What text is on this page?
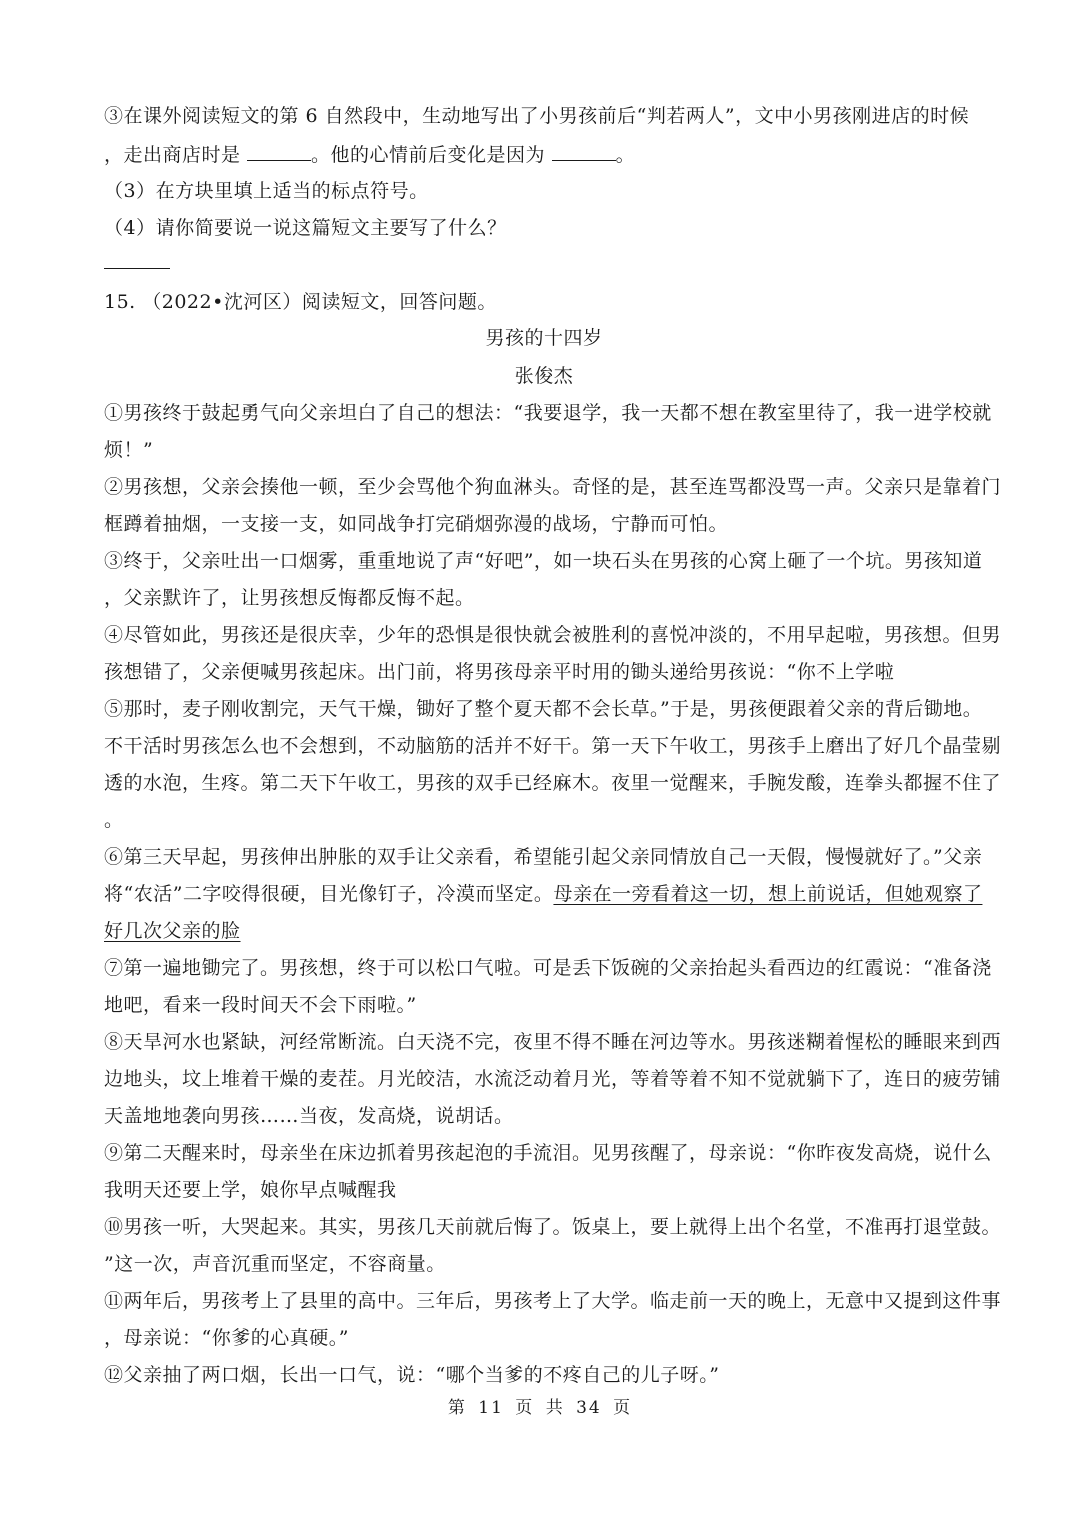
③在课外阅读短文的第 6 自然段中，生动地写出了小男孩前后“判若两人”，文中小男孩刚进店的时候
，走出商店时是	。他的心情前后变化是因为	。
（3）在方块里填上适当的标点符号。
（4）请你简要说一说这篇短文主要写了什么？
15. （2022•沈河区）阅读短文，回答问题。
男孩的十四岁
张俊杰
①男孩终于鼓起勇气向父亲坦白了自己的想法：“我要退学，我一天都不想在教室里待了，我一进学校就
烦！”
②男孩想，父亲会揍他一顿，至少会骂他个狗血淋头。奇怪的是，甚至连骂都没骂一声。父亲只是靠着门
框蹲着抽烟，一支接一支，如同战争打完硝烟弥漫的战场，宁静而可怕。
③终于，父亲吐出一口烟雾，重重地说了声“好吧”，如一块石头在男孩的心窝上砸了一个坑。男孩知道
，父亲默许了，让男孩想反悔都反悔不起。
④尽管如此，男孩还是很庆幸，少年的恐惧是很快就会被胜利的喜悦冲淡的，不用早起啦，男孩想。但男
孩想错了，父亲便喊男孩起床。出门前，将男孩母亲平时用的锄头递给男孩说：“你不上学啦
⑤那时，麦子刚收割完，天气干燥，锄好了整个夏天都不会长草。”于是，男孩便跟着父亲的背后锄地。
不干活时男孩怎么也不会想到，不动脑筋的活并不好干。第一天下午收工，男孩手上磨出了好几个晶莹剔
透的水泡，生疼。第二天下午收工，男孩的双手已经麻木。夜里一觉醒来，手腕发酸，连拳头都握不住了
。
⑥第三天早起，男孩伸出肿胀的双手让父亲看，希望能引起父亲同情放自己一天假，慢慢就好了。”父亲
将“农活”二字咬得很硬，目光像钉子，冷漠而坚定。母亲在一旁看着这一切，想上前说话，但她观察了
好几次父亲的脸
⑦第一遍地锄完了。男孩想，终于可以松口气啦。可是丢下饭碗的父亲抬起头看西边的红霞说：“准备浇
地吧，看来一段时间天不会下雨啦。”
⑧天旱河水也紧缺，河经常断流。白天浇不完，夜里不得不睡在河边等水。男孩迷糊着惺松的睡眼来到西
边地头，坟上堆着干燥的麦茬。月光皎洁，水流泛动着月光，等着等着不知不觉就躺下了，连日的疲劳铺
天盖地地袭向男孩……当夜，发高烧，说胡话。
⑨第二天醒来时，母亲坐在床边抓着男孩起泡的手流泪。见男孩醒了，母亲说：“你昨夜发高烧，说什么
我明天还要上学，娘你早点喊醒我
⑩男孩一听，大哭起来。其实，男孩几天前就后悔了。饭桌上，要上就得上出个名堂，不准再打退堂鼓。
”这一次，声音沉重而坚定，不容商量。
⑪两年后，男孩考上了县里的高中。三年后，男孩考上了大学。临走前一天的晚上，无意中又提到这件事
，母亲说：“你爹的心真硬。”
⑫父亲抽了两口烟，长出一口气，说：“哪个当爹的不疼自己的儿子呀。”
第 11 页 共 34 页
